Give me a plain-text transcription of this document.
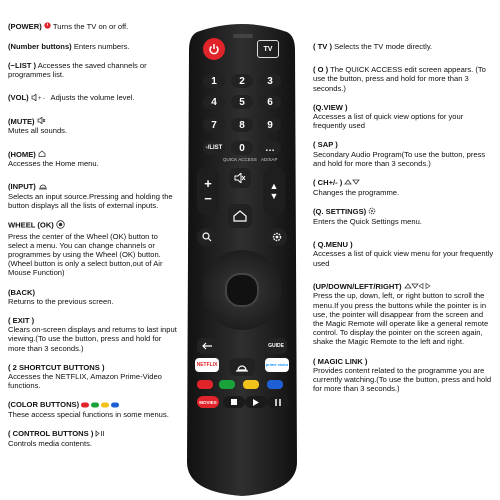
(POWER) Turns the TV on or off.

(Number buttons) Enters numbers.

(−LIST ) Accesses the saved channels or programmes list.

(VOL) + - Adjusts the volume level.

(MUTE)
Mutes all sounds.

(HOME)
Accesses the Home menu.

(INPUT)
Selects an input source.Pressing and holding the button displays all the lists of external inputs.

WHEEL (OK)
Press the center of the Wheel (OK) button to select a menu. You can change channels or programmes by using the Wheel (OK) button. (Wheel button is only a select button,out of Air Mouse Function)

(BACK)
Returns to the previous screen.

( EXIT )
Clears on-screen displays and returns to last input viewing.(To use the button, press and hold for more than 3 seconds.)

( 2 SHORTCUT BUTTONS )
Accesses the NETFLIX, Amazon Prime-Video functions.

(COLOR BUTTONS)
These access special functions in some menus.

( CONTROL BUTTONS )
Controls media contents.

TV
1	2	3
4	5	6
7	8	9
-/LIST	0	…
QUICK ACCESS AD/SAP
+
−
▲
▼
GUIDE
NETFLIX	prime video
MOVIES

( TV ) Selects the TV mode directly.

( O ) The QUICK ACCESS edit screen appears. (To use the button, press and hold for more than 3 seconds.)

(Q.VIEW )
Accesses a list of quick view options for your frequently used

( SAP )
Secondary Audio Program(To use the button, press and hold for more than 3 seconds.)

( CH+/- )
Changes the programme.

(Q. SETTINGS)
Enters the Quick Settings menu.

( Q.MENU )
Accesses a list of quick view menu for your frequently used

(UP/DOWN/LEFT/RIGHT)
Press the up, down, left, or right button to scroll the menu.If you press the buttons while the pointer is in use, the pointer will disappear from the screen and the Magic Remote will operate like a general remote control. To display the pointer on the screen again, shake the Magic Remote to the left and right.

( MAGIC LINK )
Provides content related to the programme you are currently watching.(To use the button, press and hold for more than 3 seconds.)
